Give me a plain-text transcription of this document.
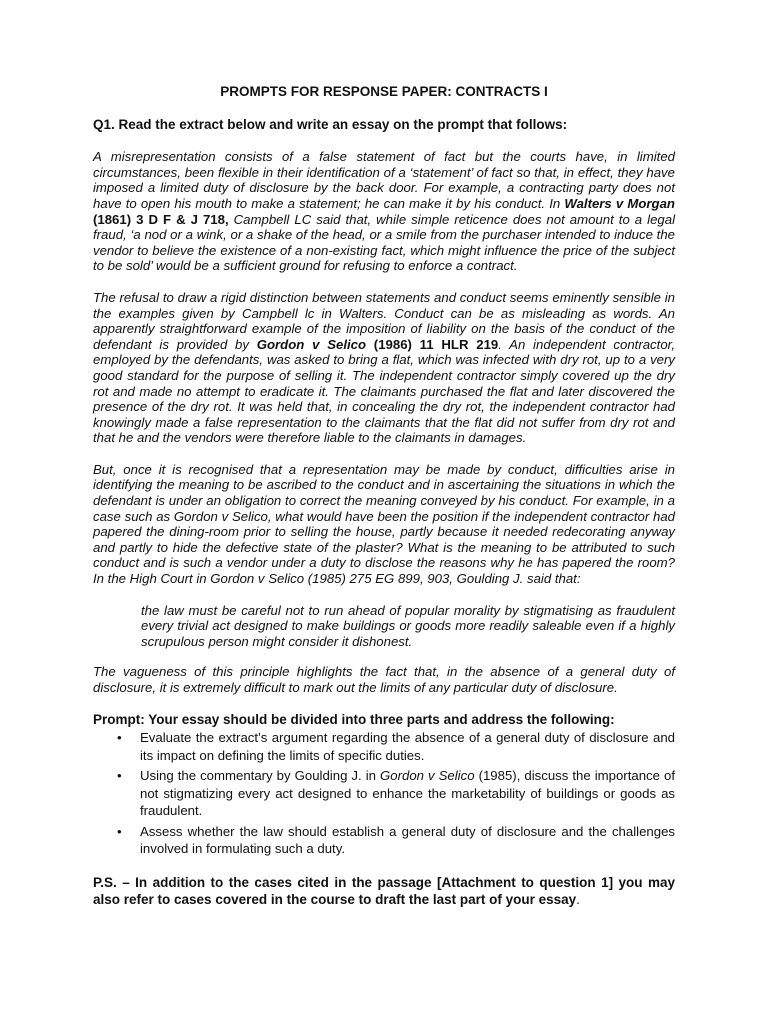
PROMPTS FOR RESPONSE PAPER: CONTRACTS I
Q1. Read the extract below and write an essay on the prompt that follows:

A misrepresentation consists of a false statement of fact but the courts have, in limited circumstances, been flexible in their identification of a ‘statement’ of fact so that, in effect, they have imposed a limited duty of disclosure by the back door. For example, a contracting party does not have to open his mouth to make a statement; he can make it by his conduct. In Walters v Morgan (1861) 3 D F & J 718, Campbell LC said that, while simple reticence does not amount to a legal fraud, ‘a nod or a wink, or a shake of the head, or a smile from the purchaser intended to induce the vendor to believe the existence of a non-existing fact, which might influence the price of the subject to be sold’ would be a sufficient ground for refusing to enforce a contract.

The refusal to draw a rigid distinction between statements and conduct seems eminently sensible in the examples given by Campbell lc in Walters. Conduct can be as misleading as words. An apparently straightforward example of the imposition of liability on the basis of the conduct of the defendant is provided by Gordon v Selico (1986) 11 HLR 219. An independent contractor, employed by the defendants, was asked to bring a flat, which was infected with dry rot, up to a very good standard for the purpose of selling it. The independent contractor simply covered up the dry rot and made no attempt to eradicate it. The claimants purchased the flat and later discovered the presence of the dry rot. It was held that, in concealing the dry rot, the independent contractor had knowingly made a false representation to the claimants that the flat did not suffer from dry rot and that he and the vendors were therefore liable to the claimants in damages.

But, once it is recognised that a representation may be made by conduct, difficulties arise in identifying the meaning to be ascribed to the conduct and in ascertaining the situations in which the defendant is under an obligation to correct the meaning conveyed by his conduct. For example, in a case such as Gordon v Selico, what would have been the position if the independent contractor had papered the dining-room prior to selling the house, partly because it needed redecorating anyway and partly to hide the defective state of the plaster? What is the meaning to be attributed to such conduct and is such a vendor under a duty to disclose the reasons why he has papered the room? In the High Court in Gordon v Selico (1985) 275 EG 899, 903, Goulding J. said that:

the law must be careful not to run ahead of popular morality by stigmatising as fraudulent every trivial act designed to make buildings or goods more readily saleable even if a highly scrupulous person might consider it dishonest.

The vagueness of this principle highlights the fact that, in the absence of a general duty of disclosure, it is extremely difficult to mark out the limits of any particular duty of disclosure.

Prompt: Your essay should be divided into three parts and address the following:
• Evaluate the extract’s argument regarding the absence of a general duty of disclosure and its impact on defining the limits of specific duties.
• Using the commentary by Goulding J. in Gordon v Selico (1985), discuss the importance of not stigmatizing every act designed to enhance the marketability of buildings or goods as fraudulent.
• Assess whether the law should establish a general duty of disclosure and the challenges involved in formulating such a duty.

P.S. – In addition to the cases cited in the passage [Attachment to question 1] you may also refer to cases covered in the course to draft the last part of your essay.
